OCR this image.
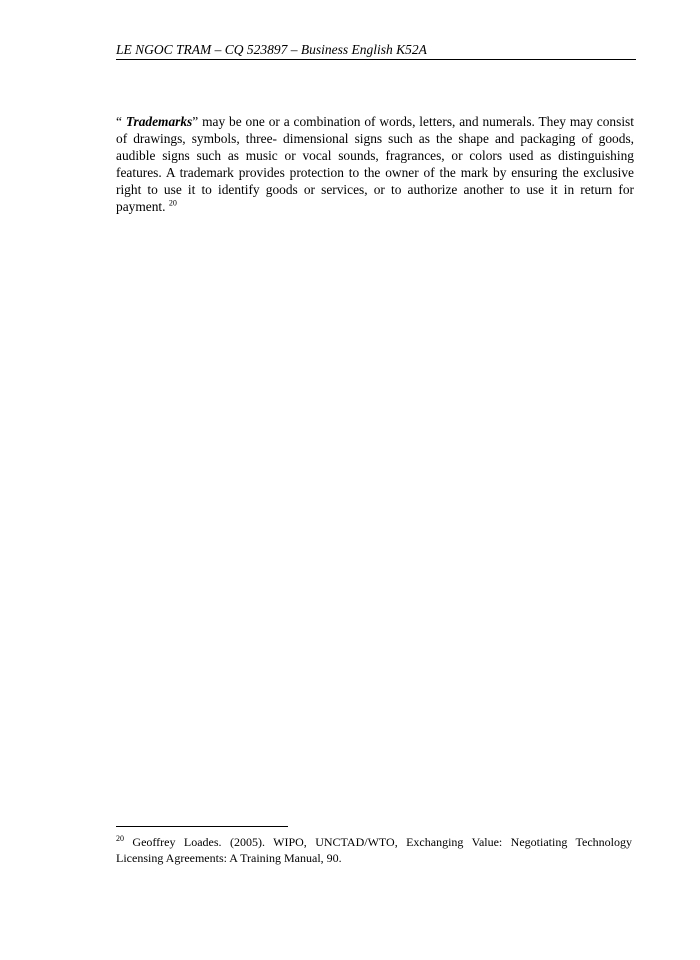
LE NGOC TRAM – CQ 523897 – Business English K52A

“ Trademarks” may be one or a combination of words, letters, and numerals. They may consist of drawings, symbols, three- dimensional signs such as the shape and packaging of goods, audible signs such as music or vocal sounds, fragrances, or colors used as distinguishing features. A trademark provides protection to the owner of the mark by ensuring the exclusive right to use it to identify goods or services, or to authorize another to use it in return for payment. $^{20}$

$^{20}$ Geoffrey Loades. (2005). WIPO, UNCTAD/WTO, Exchanging Value: Negotiating Technology Licensing Agreements: A Training Manual, 90.
